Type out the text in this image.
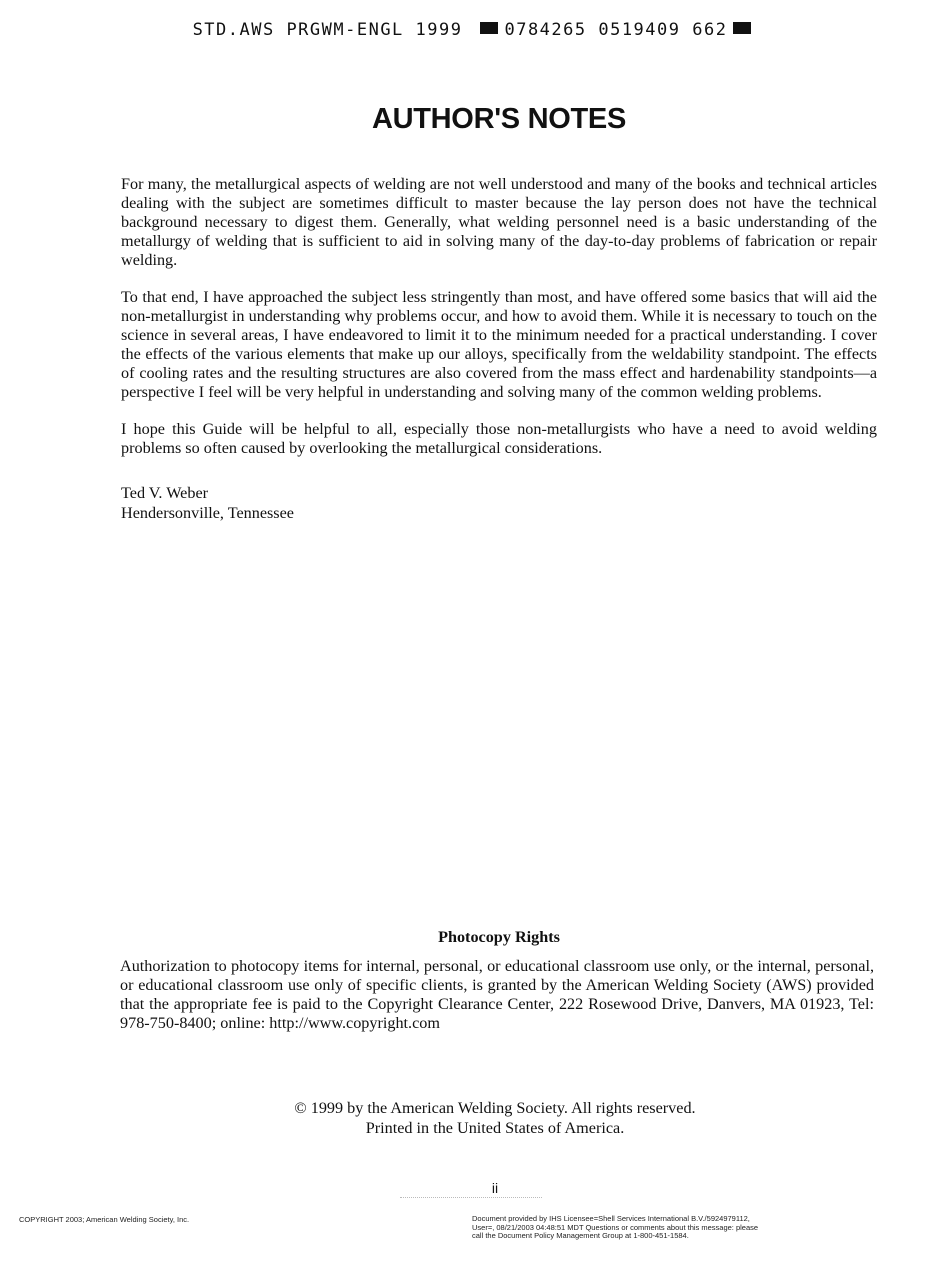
STD.AWS PRGWM-ENGL 1999 0784265 0519409 662
AUTHOR'S NOTES

For many, the metallurgical aspects of welding are not well understood and many of the books and technical articles dealing with the subject are sometimes difficult to master because the lay person does not have the technical background necessary to digest them. Generally, what welding personnel need is a basic understanding of the metallurgy of welding that is sufficient to aid in solving many of the day-to-day problems of fabrication or repair welding.

To that end, I have approached the subject less stringently than most, and have offered some basics that will aid the non-metallurgist in understanding why problems occur, and how to avoid them. While it is necessary to touch on the science in several areas, I have endeavored to limit it to the minimum needed for a practical understanding. I cover the effects of the various elements that make up our alloys, specifically from the weldability standpoint. The effects of cooling rates and the resulting structures are also covered from the mass effect and hardenability standpoints—a perspective I feel will be very helpful in understanding and solving many of the common welding problems.

I hope this Guide will be helpful to all, especially those non-metallurgists who have a need to avoid welding problems so often caused by overlooking the metallurgical considerations.

Ted V. Weber
Hendersonville, Tennessee
Photocopy Rights

Authorization to photocopy items for internal, personal, or educational classroom use only, or the internal, personal, or educational classroom use only of specific clients, is granted by the American Welding Society (AWS) provided that the appropriate fee is paid to the Copyright Clearance Center, 222 Rosewood Drive, Danvers, MA 01923, Tel: 978-750-8400; online: http://www.copyright.com

© 1999 by the American Welding Society. All rights reserved.
Printed in the United States of America.
ii
COPYRIGHT 2003; American Welding Society, Inc.	Document provided by IHS Licensee=Shell Services International B.V./5924979112,
User=, 08/21/2003 04:48:51 MDT Questions or comments about this message: please
call the Document Policy Management Group at 1-800-451-1584.
